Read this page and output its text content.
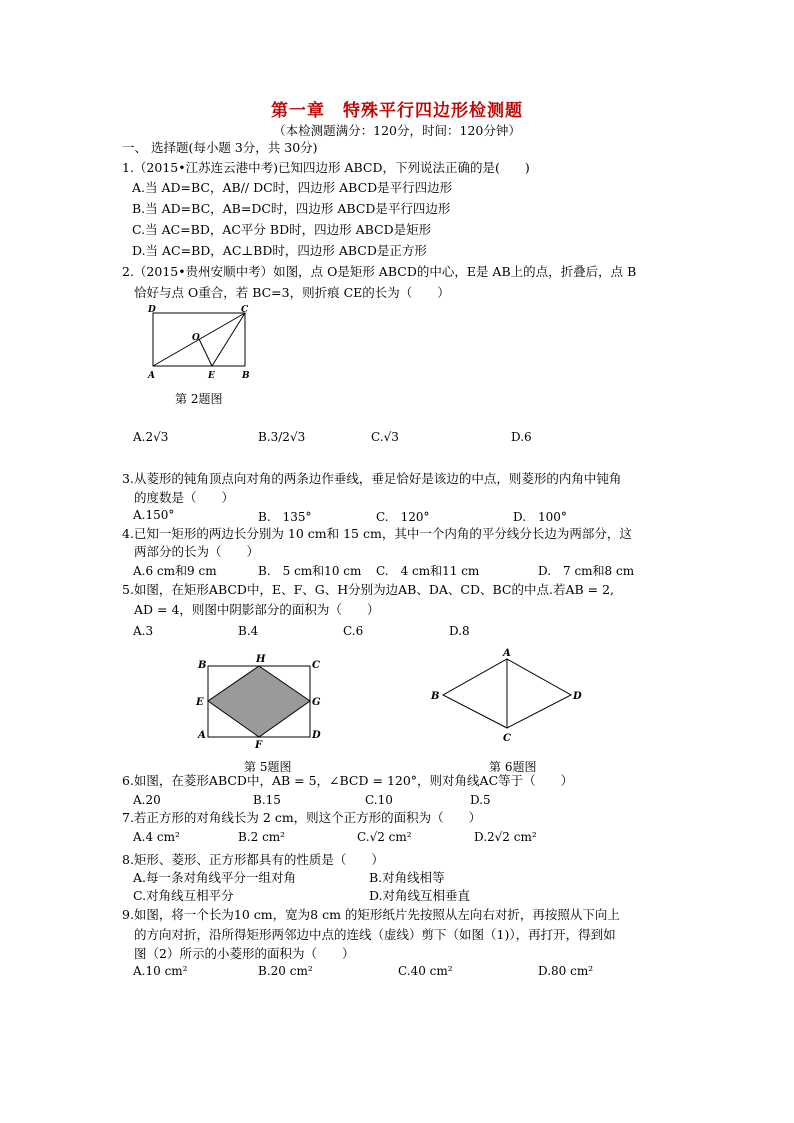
第一章　特殊平行四边形检测题
（本检测题满分：120分，时间：120分钟）
一、 选择题(每小题 3分，共 30分)
1.（2015•江苏连云港中考)已知四边形 ABCD，下列说法正确的是(　　)
A.当 AD=BC，AB// DC时，四边形 ABCD是平行四边形
B.当 AD=BC，AB=DC时，四边形 ABCD是平行四边形
C.当 AC=BD，AC平分 BD时，四边形 ABCD是矩形
D.当 AC=BD，AC⊥BD时，四边形 ABCD是正方形
2.（2015•贵州安顺中考）如图，点 O是矩形 ABCD的中心，E是 AB上的点，折叠后，点 B
恰好与点 O重合，若 BC=3，则折痕 CE的长为（　　）
D	C
O
A	E	B
第 2题图
A.2√3	B.3/2√3	C.√3	D.6
3.从菱形的钝角顶点向对角的两条边作垂线，垂足恰好是该边的中点，则菱形的内角中钝角
的度数是（　　）
A.150°	B.　135°	C.　120°	D.　100°
4.已知一矩形的两边长分别为 10 cm和 15 cm，其中一个内角的平分线分长边为两部分，这
两部分的长为（　　）
A.6 cm和9 cm	B.　5 cm和10 cm C.　4 cm和11 cm	D.　7 cm和8 cm
5.如图，在矩形ABCD中，E、F、G、H分别为边AB、DA、CD、BC的中点.若AB = 2,
AD = 4，则图中阴影部分的面积为（　　）
A.3	B.4	C.6	D.8
B
H
C
E	G
A
F
D
第 5题图
A
B
C
D
第 6题图
6.如图，在菱形ABCD中，AB = 5，∠BCD = 120°，则对角线AC等于（　　）
A.20	B.15	C.10	D.5
7.若正方形的对角线长为 2 cm，则这个正方形的面积为（　　）
A.4 cm²	B.2 cm²	C.√2 cm²	D.2√2 cm²
8.矩形、菱形、正方形都具有的性质是（　　）
A.每一条对角线平分一组对角	B.对角线相等
C.对角线互相平分	D.对角线互相垂直
9.如图，将一个长为10 cm，宽为8 cm 的矩形纸片先按照从左向右对折，再按照从下向上
的方向对折，沿所得矩形两邻边中点的连线（虚线）剪下（如图（1)），再打开，得到如
图（2）所示的小菱形的面积为（　　）
A.10 cm²	B.20 cm²	C.40 cm²	D.80 cm²
